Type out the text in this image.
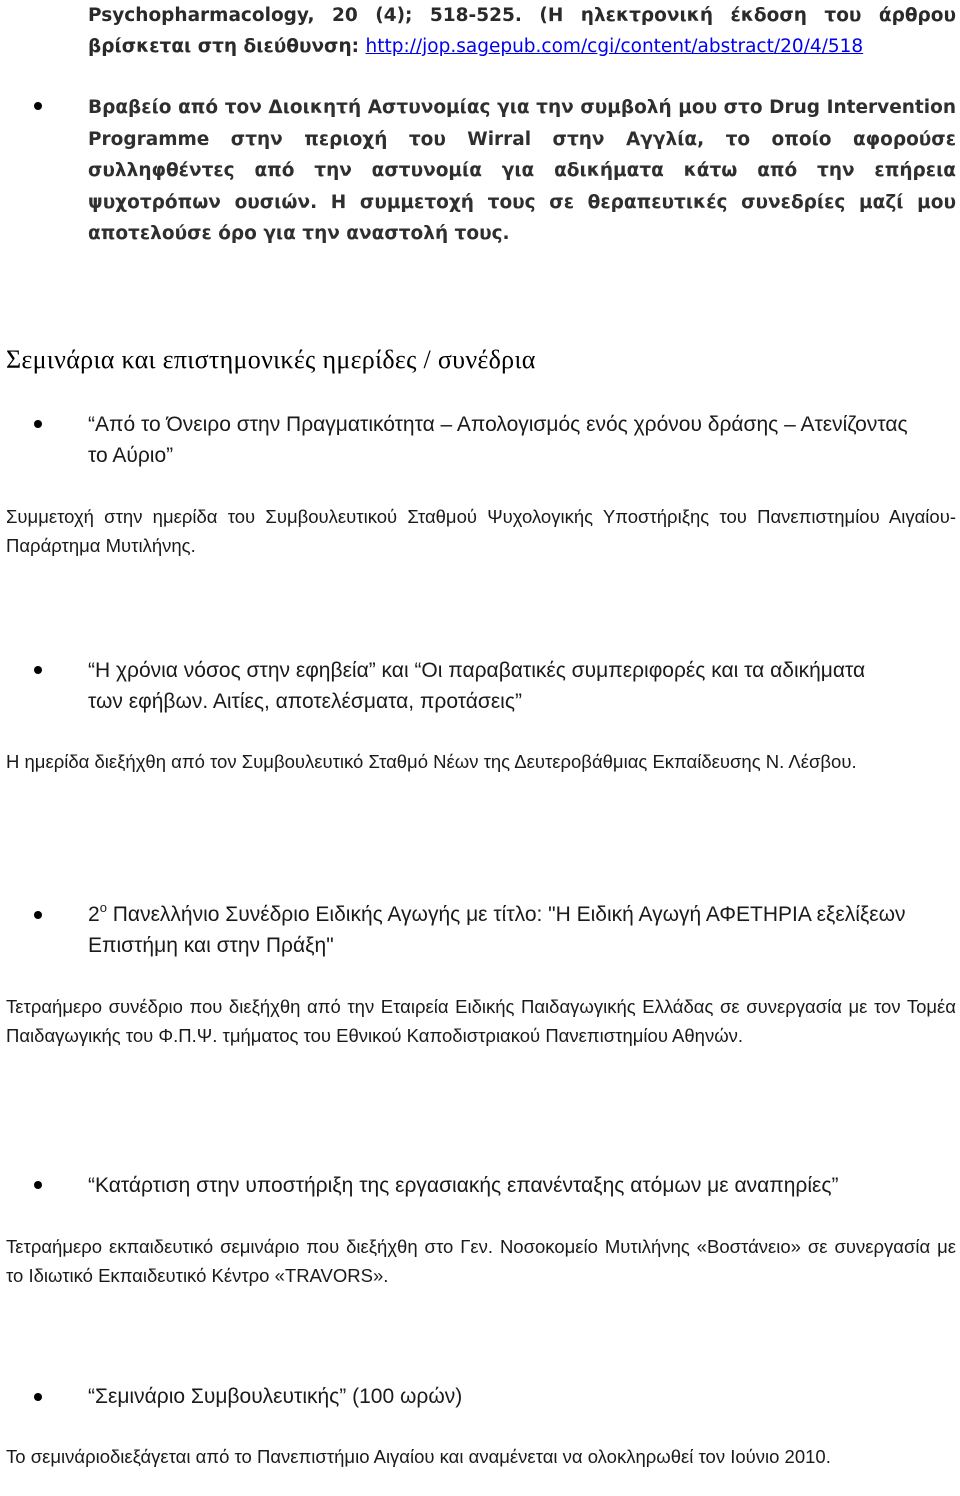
Psychopharmacology, 20 (4); 518-525. (Η ηλεκτρονική έκδοση του άρθρου
βρίσκεται στη διεύθυνση: http://jop.sagepub.com/cgi/content/abstract/20/4/518
Βραβείο από τον Διοικητή Αστυνομίας για την συμβολή μου στο Drug Intervention Programme στην περιοχή του Wirral στην Αγγλία, το οποίο αφορούσε συλληφθέντες από την αστυνομία για αδικήματα κάτω από την επήρεια ψυχοτρόπων ουσιών. Η συμμετοχή τους σε θεραπευτικές συνεδρίες μαζί μου αποτελούσε όρο για την αναστολή τους.
Σεμινάρια και επιστημονικές ημερίδες / συνέδρια
“Από το Όνειρο στην Πραγματικότητα – Απολογισμός ενός χρόνου δράσης – Ατενίζοντας το Αύριο”
Συμμετοχή στην ημερίδα του Συμβουλευτικού Σταθμού Ψυχολογικής Υποστήριξης του Πανεπιστημίου Αιγαίου- Παράρτημα Μυτιλήνης.
“Η χρόνια νόσος στην εφηβεία” και “Οι παραβατικές συμπεριφορές και τα αδικήματα των εφήβων. Αιτίες, αποτελέσματα, προτάσεις”
Η ημερίδα διεξήχθη από τον Συμβουλευτικό Σταθμό Νέων της Δευτεροβάθμιας Εκπαίδευσης Ν. Λέσβου.
$2^o$ Πανελλήνιο Συνέδριο Ειδικής Αγωγής με τίτλο: "Η Ειδική Αγωγή ΑΦΕΤΗΡΙΑ εξελίξεων Επιστήμη και στην Πράξη"
Τετραήμερο συνέδριο που διεξήχθη από την Εταιρεία Ειδικής Παιδαγωγικής Ελλάδας σε συνεργασία με τον Τομέα Παιδαγωγικής του Φ.Π.Ψ. τμήματος του Εθνικού Καποδιστριακού Πανεπιστημίου Αθηνών.
“Κατάρτιση στην υποστήριξη της εργασιακής επανένταξης ατόμων με αναπηρίες”
Τετραήμερο εκπαιδευτικό σεμινάριο που διεξήχθη στο Γεν. Νοσοκομείο Μυτιλήνης «Βοστάνειο» σε συνεργασία με το Ιδιωτικό Εκπαιδευτικό Κέντρο «TRAVORS».
“Σεμινάριο Συμβουλευτικής” (100 ωρών)
Το σεμινάριοδιεξάγεται από το Πανεπιστήμιο Αιγαίου και αναμένεται να ολοκληρωθεί τον Ιούνιο 2010.
